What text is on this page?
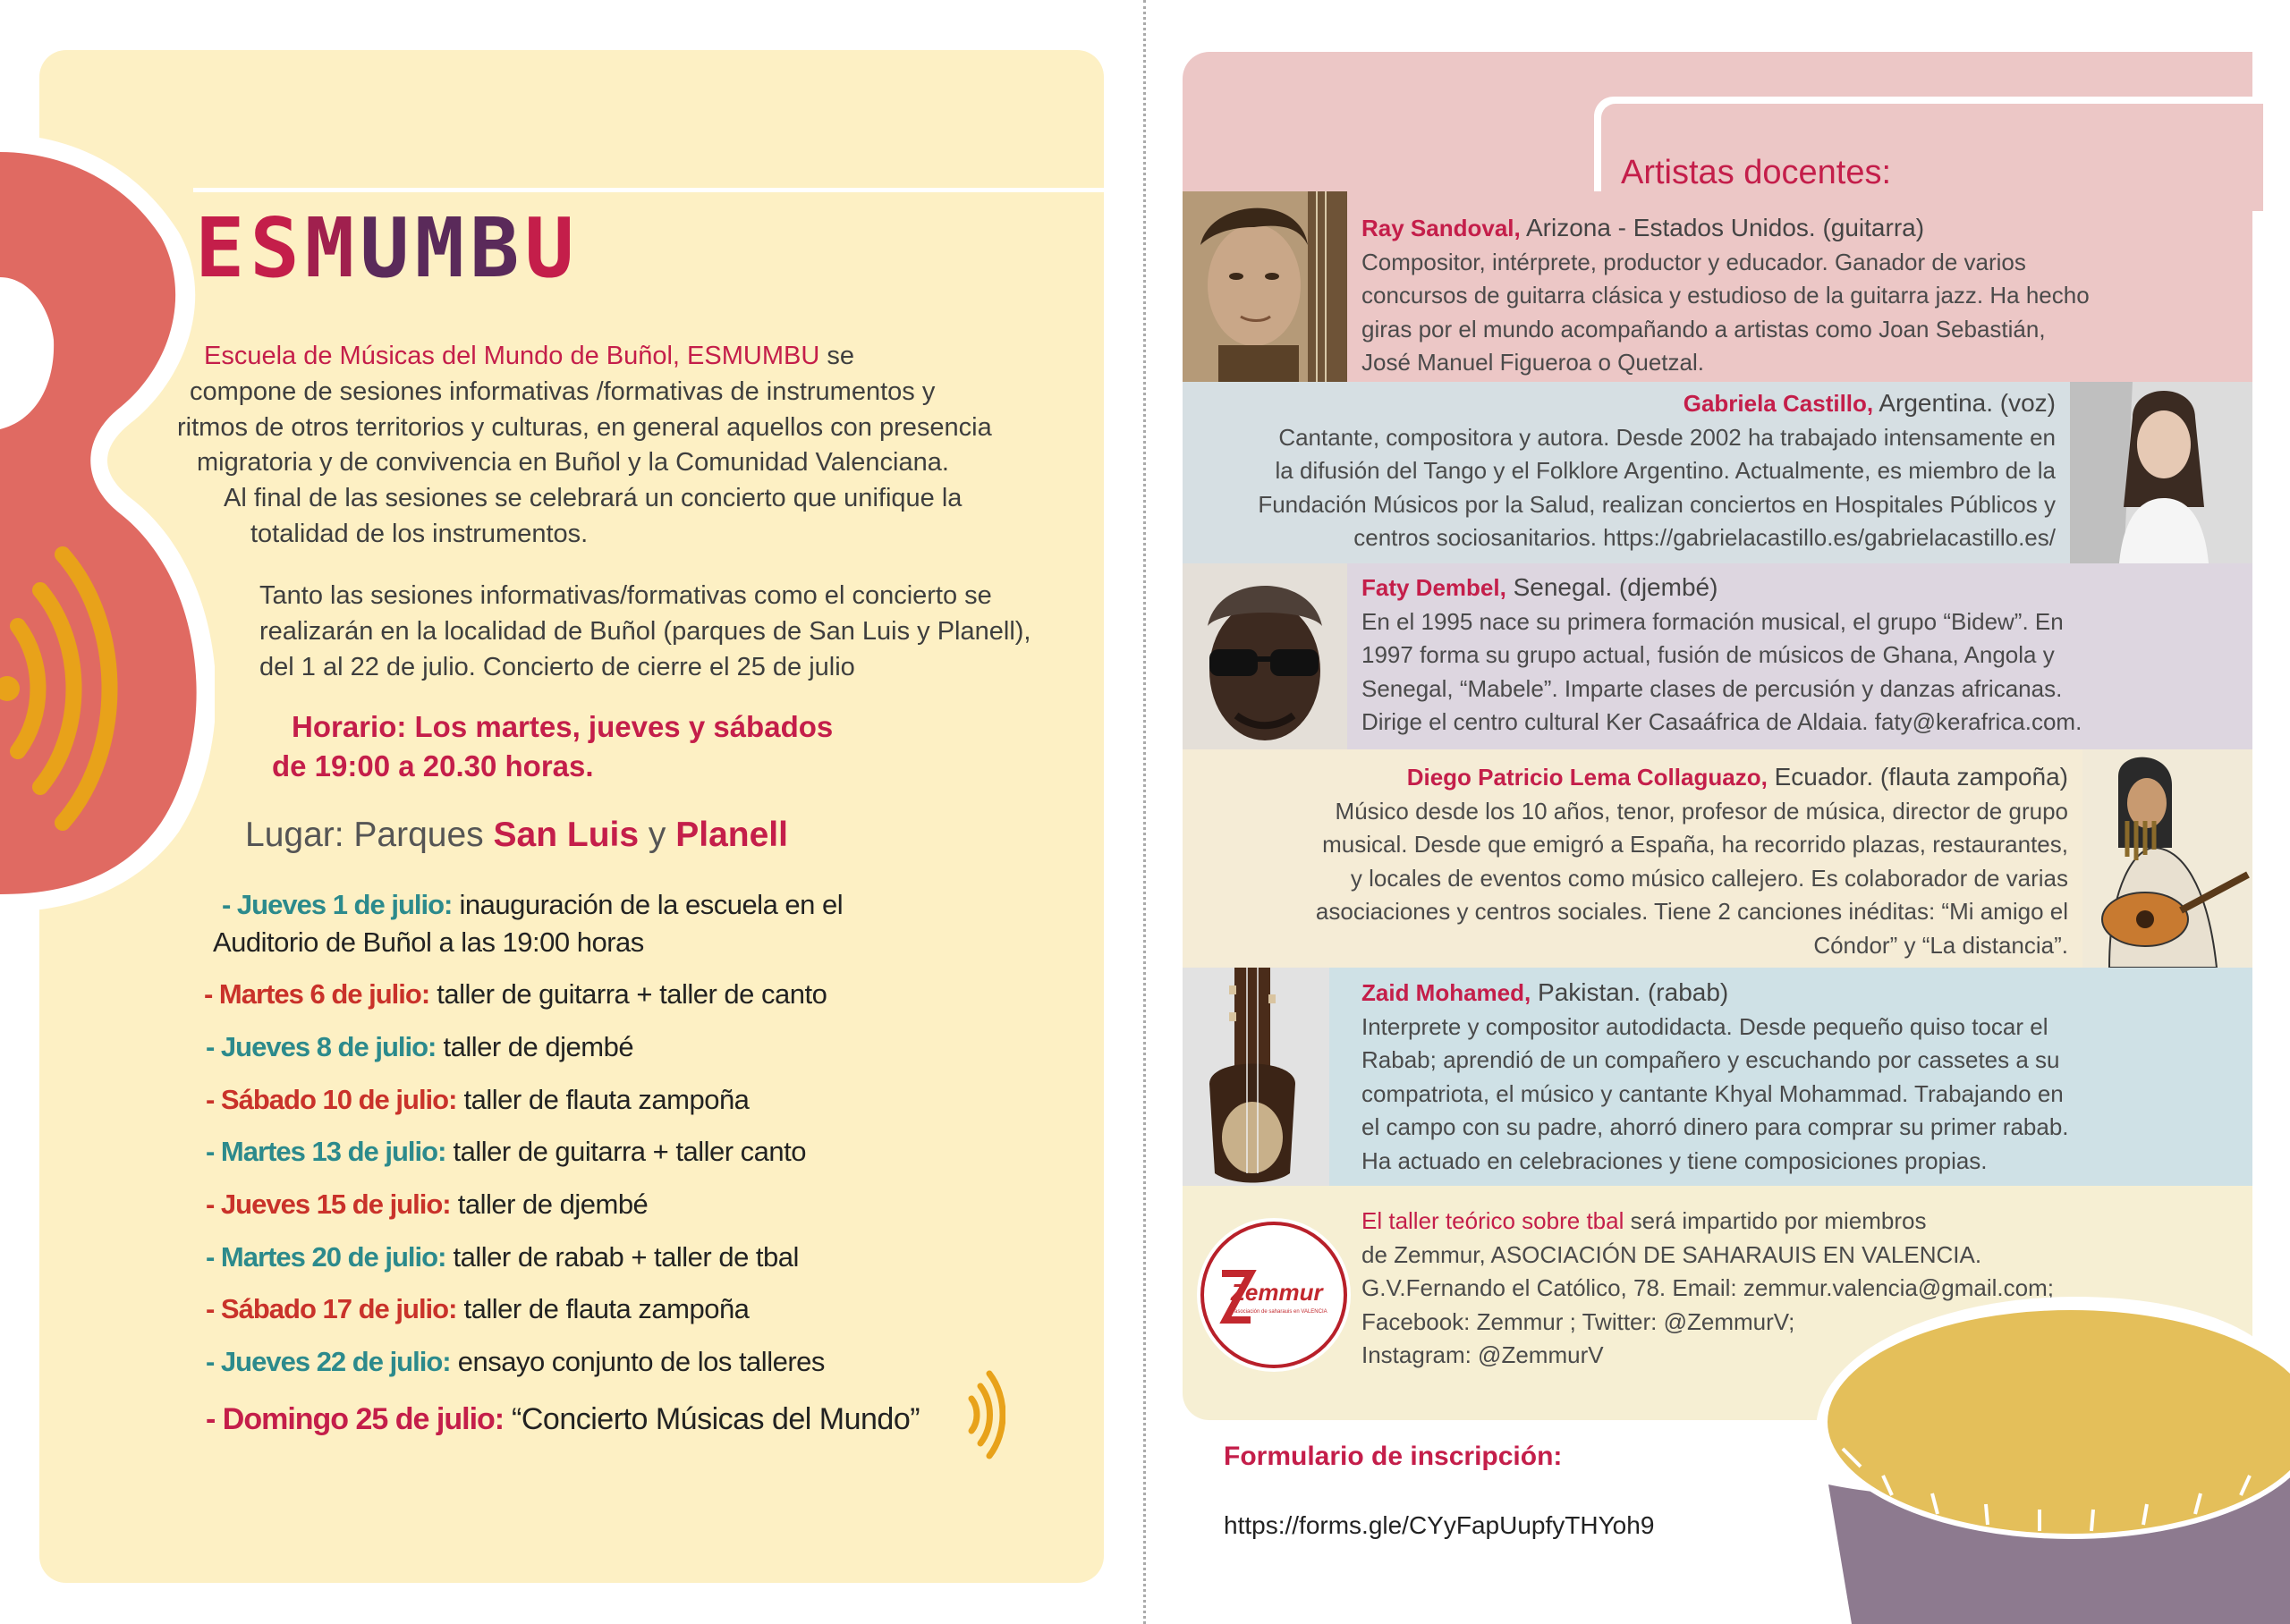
ESMUMBU
Escuela de Músicas del Mundo de Buñol, ESMUMBU se
compone de sesiones informativas /formativas de instrumentos y
ritmos de otros territorios y culturas, en general aquellos con presencia
migratoria y de convivencia en Buñol y la Comunidad Valenciana.
Al final de las sesiones se celebrará un concierto que unifique la
totalidad de los instrumentos.
Tanto las sesiones informativas/formativas como el concierto se
realizarán en la localidad de Buñol (parques de San Luis y Planell),
del 1 al 22 de julio. Concierto de cierre el 25 de julio
Horario: Los martes, jueves y sábados
de 19:00 a 20.30 horas.
Lugar: Parques San Luis y Planell
- Jueves 1 de julio: inauguración de la escuela en el
Auditorio de Buñol a las 19:00 horas
- Martes 6 de julio: taller de guitarra + taller de canto
- Jueves 8 de julio: taller de djembé
- Sábado 10 de julio: taller de flauta zampoña
- Martes 13 de julio: taller de guitarra + taller canto
- Jueves 15 de julio: taller de djembé
- Martes 20 de julio: taller de rabab + taller de tbal
- Sábado 17 de julio: taller de flauta zampoña
- Jueves 22 de julio: ensayo conjunto de los talleres
- Domingo 25 de julio: “Concierto Músicas del Mundo”
Artistas docentes:
Ray Sandoval, Arizona - Estados Unidos. (guitarra)
Compositor, intérprete, productor y educador. Ganador de varios
concursos de guitarra clásica y estudioso de la guitarra jazz. Ha hecho
giras por el mundo acompañando a artistas como Joan Sebastián,
José Manuel Figueroa o Quetzal.
Gabriela Castillo, Argentina. (voz)
Cantante, compositora y autora. Desde 2002 ha trabajado intensamente en
la difusión del Tango y el Folklore Argentino. Actualmente, es miembro de la
Fundación Músicos por la Salud, realizan conciertos en Hospitales Públicos y
centros sociosanitarios. https://gabrielacastillo.es/gabrielacastillo.es/
Faty Dembel, Senegal. (djembé)
En el 1995 nace su primera formación musical, el grupo “Bidew”. En
1997 forma su grupo actual, fusión de músicos de Ghana, Angola y
Senegal, “Mabele”. Imparte clases de percusión y danzas africanas.
Dirige el centro cultural Ker Casaáfrica de Aldaia. faty@kerafrica.com.
Diego Patricio Lema Collaguazo, Ecuador. (flauta zampoña)
Músico desde los 10 años, tenor, profesor de música, director de grupo
musical. Desde que emigró a España, ha recorrido plazas, restaurantes,
y locales de eventos como músico callejero. Es colaborador de varias
asociaciones y centros sociales. Tiene 2 canciones inéditas: “Mi amigo el
Cóndor” y “La distancia”.
Zaid Mohamed, Pakistan. (rabab)
Interprete y compositor autodidacta. Desde pequeño quiso tocar el
Rabab; aprendió de un compañero y escuchando por cassetes a su
compatriota, el músico y cantante Khyal Mohammad. Trabajando en
el campo con su padre, ahorró dinero para comprar su primer rabab.
Ha actuado en celebraciones y tiene composiciones propias.
Zemmur
asociación de saharauis en VALENCIA
El taller teórico sobre tbal será impartido por miembros
de Zemmur, ASOCIACIÓN DE SAHARAUIS EN VALENCIA.
G.V.Fernando el Católico, 78. Email: zemmur.valencia@gmail.com;
Facebook: Zemmur ; Twitter: @ZemmurV;
Instagram: @ZemmurV
Formulario de inscripción:
https://forms.gle/CYyFapUupfyTHYoh9
